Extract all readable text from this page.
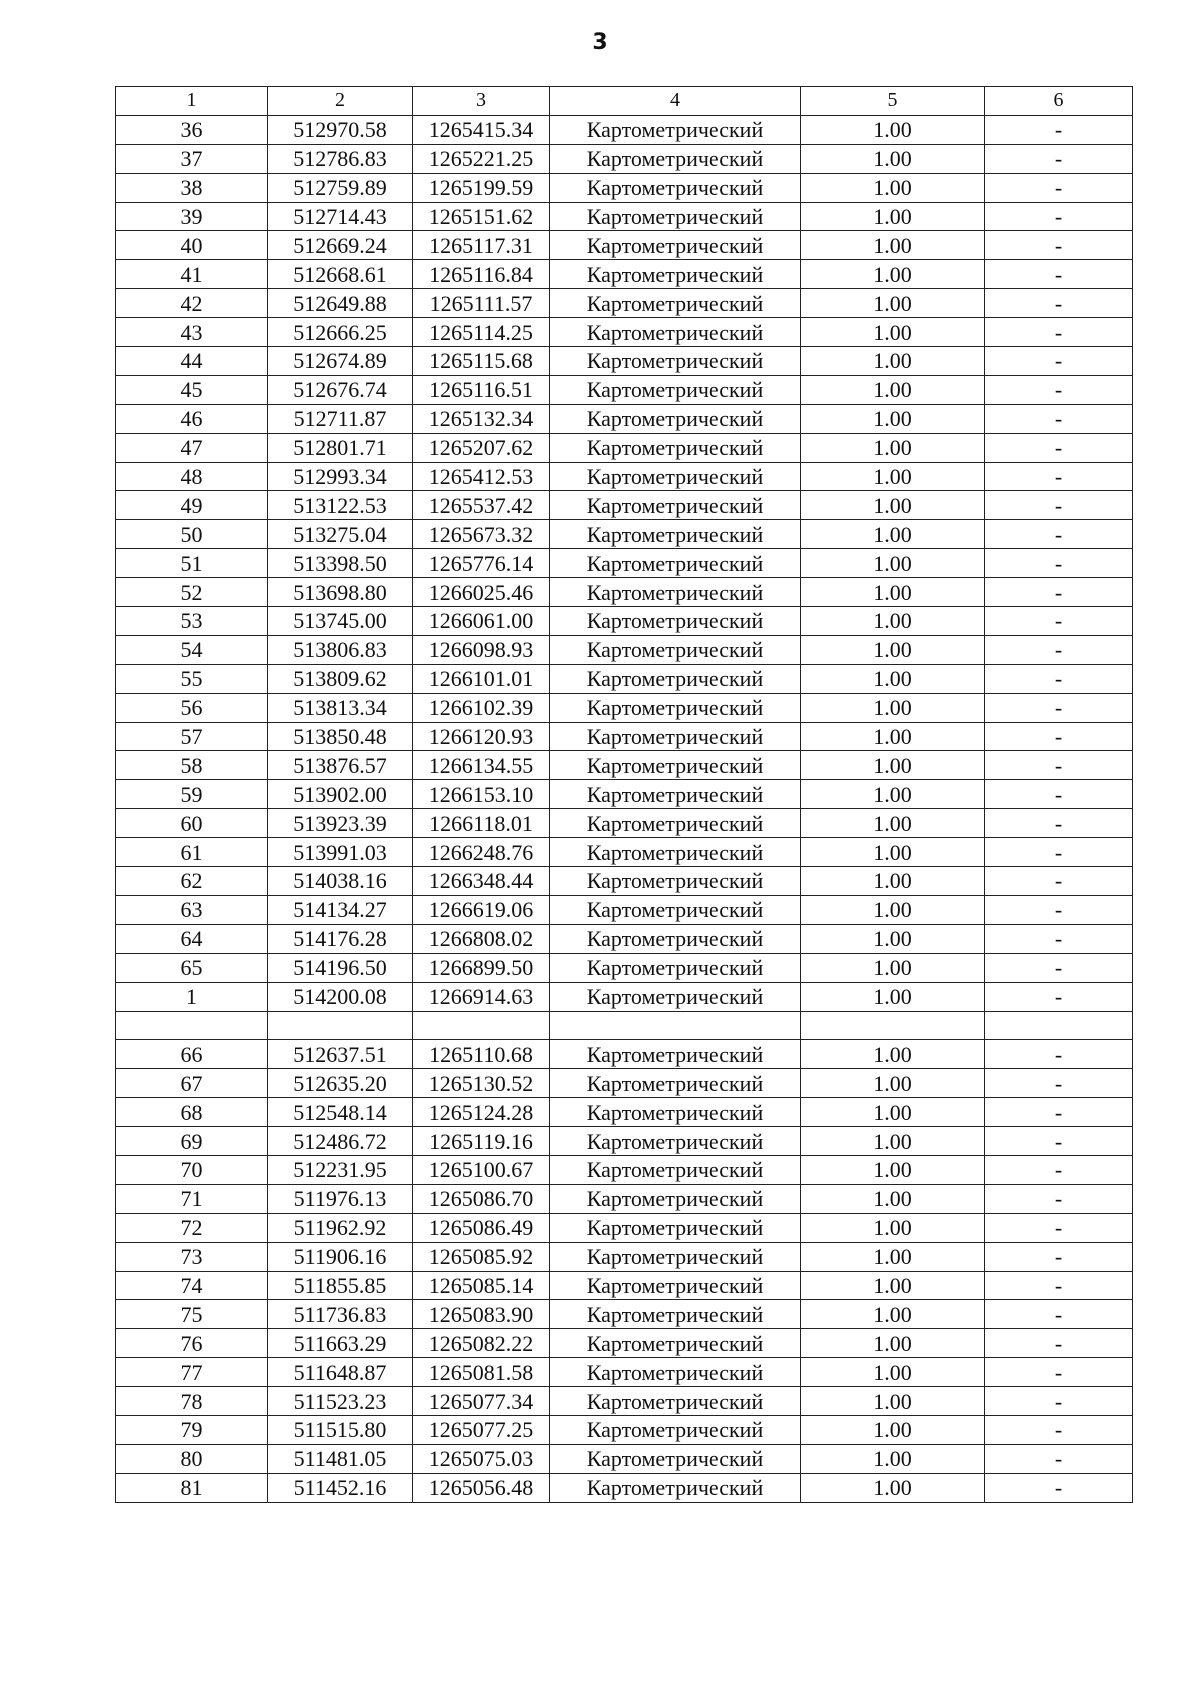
3
1	2	3	4	5	6
36	512970.58	1265415.34	Картометрический	1.00	-
37	512786.83	1265221.25	Картометрический	1.00	-
38	512759.89	1265199.59	Картометрический	1.00	-
39	512714.43	1265151.62	Картометрический	1.00	-
40	512669.24	1265117.31	Картометрический	1.00	-
41	512668.61	1265116.84	Картометрический	1.00	-
42	512649.88	1265111.57	Картометрический	1.00	-
43	512666.25	1265114.25	Картометрический	1.00	-
44	512674.89	1265115.68	Картометрический	1.00	-
45	512676.74	1265116.51	Картометрический	1.00	-
46	512711.87	1265132.34	Картометрический	1.00	-
47	512801.71	1265207.62	Картометрический	1.00	-
48	512993.34	1265412.53	Картометрический	1.00	-
49	513122.53	1265537.42	Картометрический	1.00	-
50	513275.04	1265673.32	Картометрический	1.00	-
51	513398.50	1265776.14	Картометрический	1.00	-
52	513698.80	1266025.46	Картометрический	1.00	-
53	513745.00	1266061.00	Картометрический	1.00	-
54	513806.83	1266098.93	Картометрический	1.00	-
55	513809.62	1266101.01	Картометрический	1.00	-
56	513813.34	1266102.39	Картометрический	1.00	-
57	513850.48	1266120.93	Картометрический	1.00	-
58	513876.57	1266134.55	Картометрический	1.00	-
59	513902.00	1266153.10	Картометрический	1.00	-
60	513923.39	1266118.01	Картометрический	1.00	-
61	513991.03	1266248.76	Картометрический	1.00	-
62	514038.16	1266348.44	Картометрический	1.00	-
63	514134.27	1266619.06	Картометрический	1.00	-
64	514176.28	1266808.02	Картометрический	1.00	-
65	514196.50	1266899.50	Картометрический	1.00	-
1	514200.08	1266914.63	Картометрический	1.00	-

66	512637.51	1265110.68	Картометрический	1.00	-
67	512635.20	1265130.52	Картометрический	1.00	-
68	512548.14	1265124.28	Картометрический	1.00	-
69	512486.72	1265119.16	Картометрический	1.00	-
70	512231.95	1265100.67	Картометрический	1.00	-
71	511976.13	1265086.70	Картометрический	1.00	-
72	511962.92	1265086.49	Картометрический	1.00	-
73	511906.16	1265085.92	Картометрический	1.00	-
74	511855.85	1265085.14	Картометрический	1.00	-
75	511736.83	1265083.90	Картометрический	1.00	-
76	511663.29	1265082.22	Картометрический	1.00	-
77	511648.87	1265081.58	Картометрический	1.00	-
78	511523.23	1265077.34	Картометрический	1.00	-
79	511515.80	1265077.25	Картометрический	1.00	-
80	511481.05	1265075.03	Картометрический	1.00	-
81	511452.16	1265056.48	Картометрический	1.00	-
